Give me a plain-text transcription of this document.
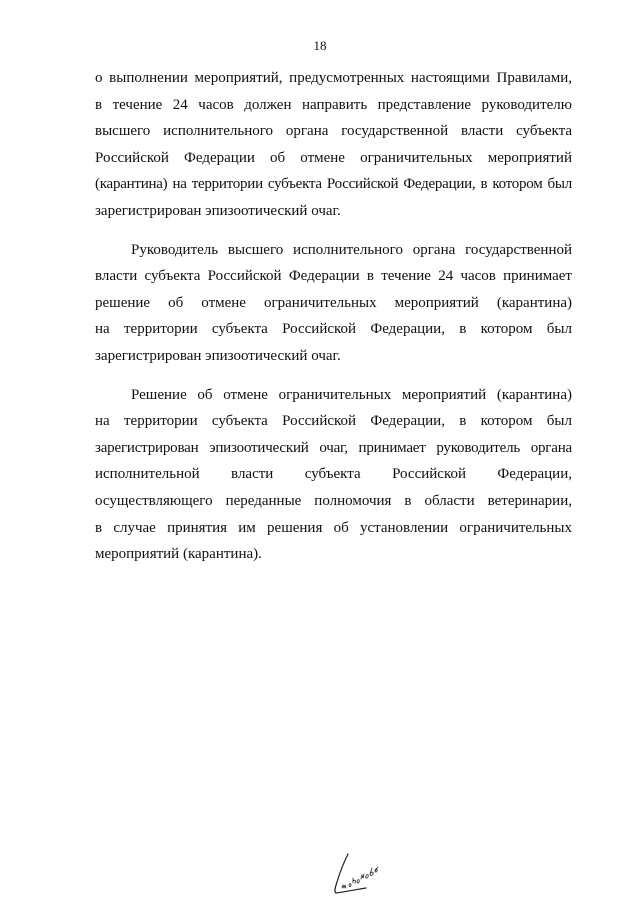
18

о выполнении мероприятий, предусмотренных настоящими Правилами,
в течение 24 часов должен направить представление руководителю
высшего исполнительного органа государственной власти субъекта
Российской Федерации об отмене ограничительных мероприятий
(карантина) на территории субъекта Российской Федерации, в котором был
зарегистрирован эпизоотический очаг.

Руководитель высшего исполнительного органа государственной
власти субъекта Российской Федерации в течение 24 часов принимает
решение об отмене ограничительных мероприятий (карантина)
на территории субъекта Российской Федерации, в котором был
зарегистрирован эпизоотический очаг.

Решение об отмене ограничительных мероприятий (карантина)
на территории субъекта Российской Федерации, в котором был
зарегистрирован эпизоотический очаг, принимает руководитель органа
исполнительной власти субъекта Российской Федерации,
осуществляющего переданные полномочия в области ветеринарии,
в случае принятия им решения об установлении ограничительных
мероприятий (карантина).
